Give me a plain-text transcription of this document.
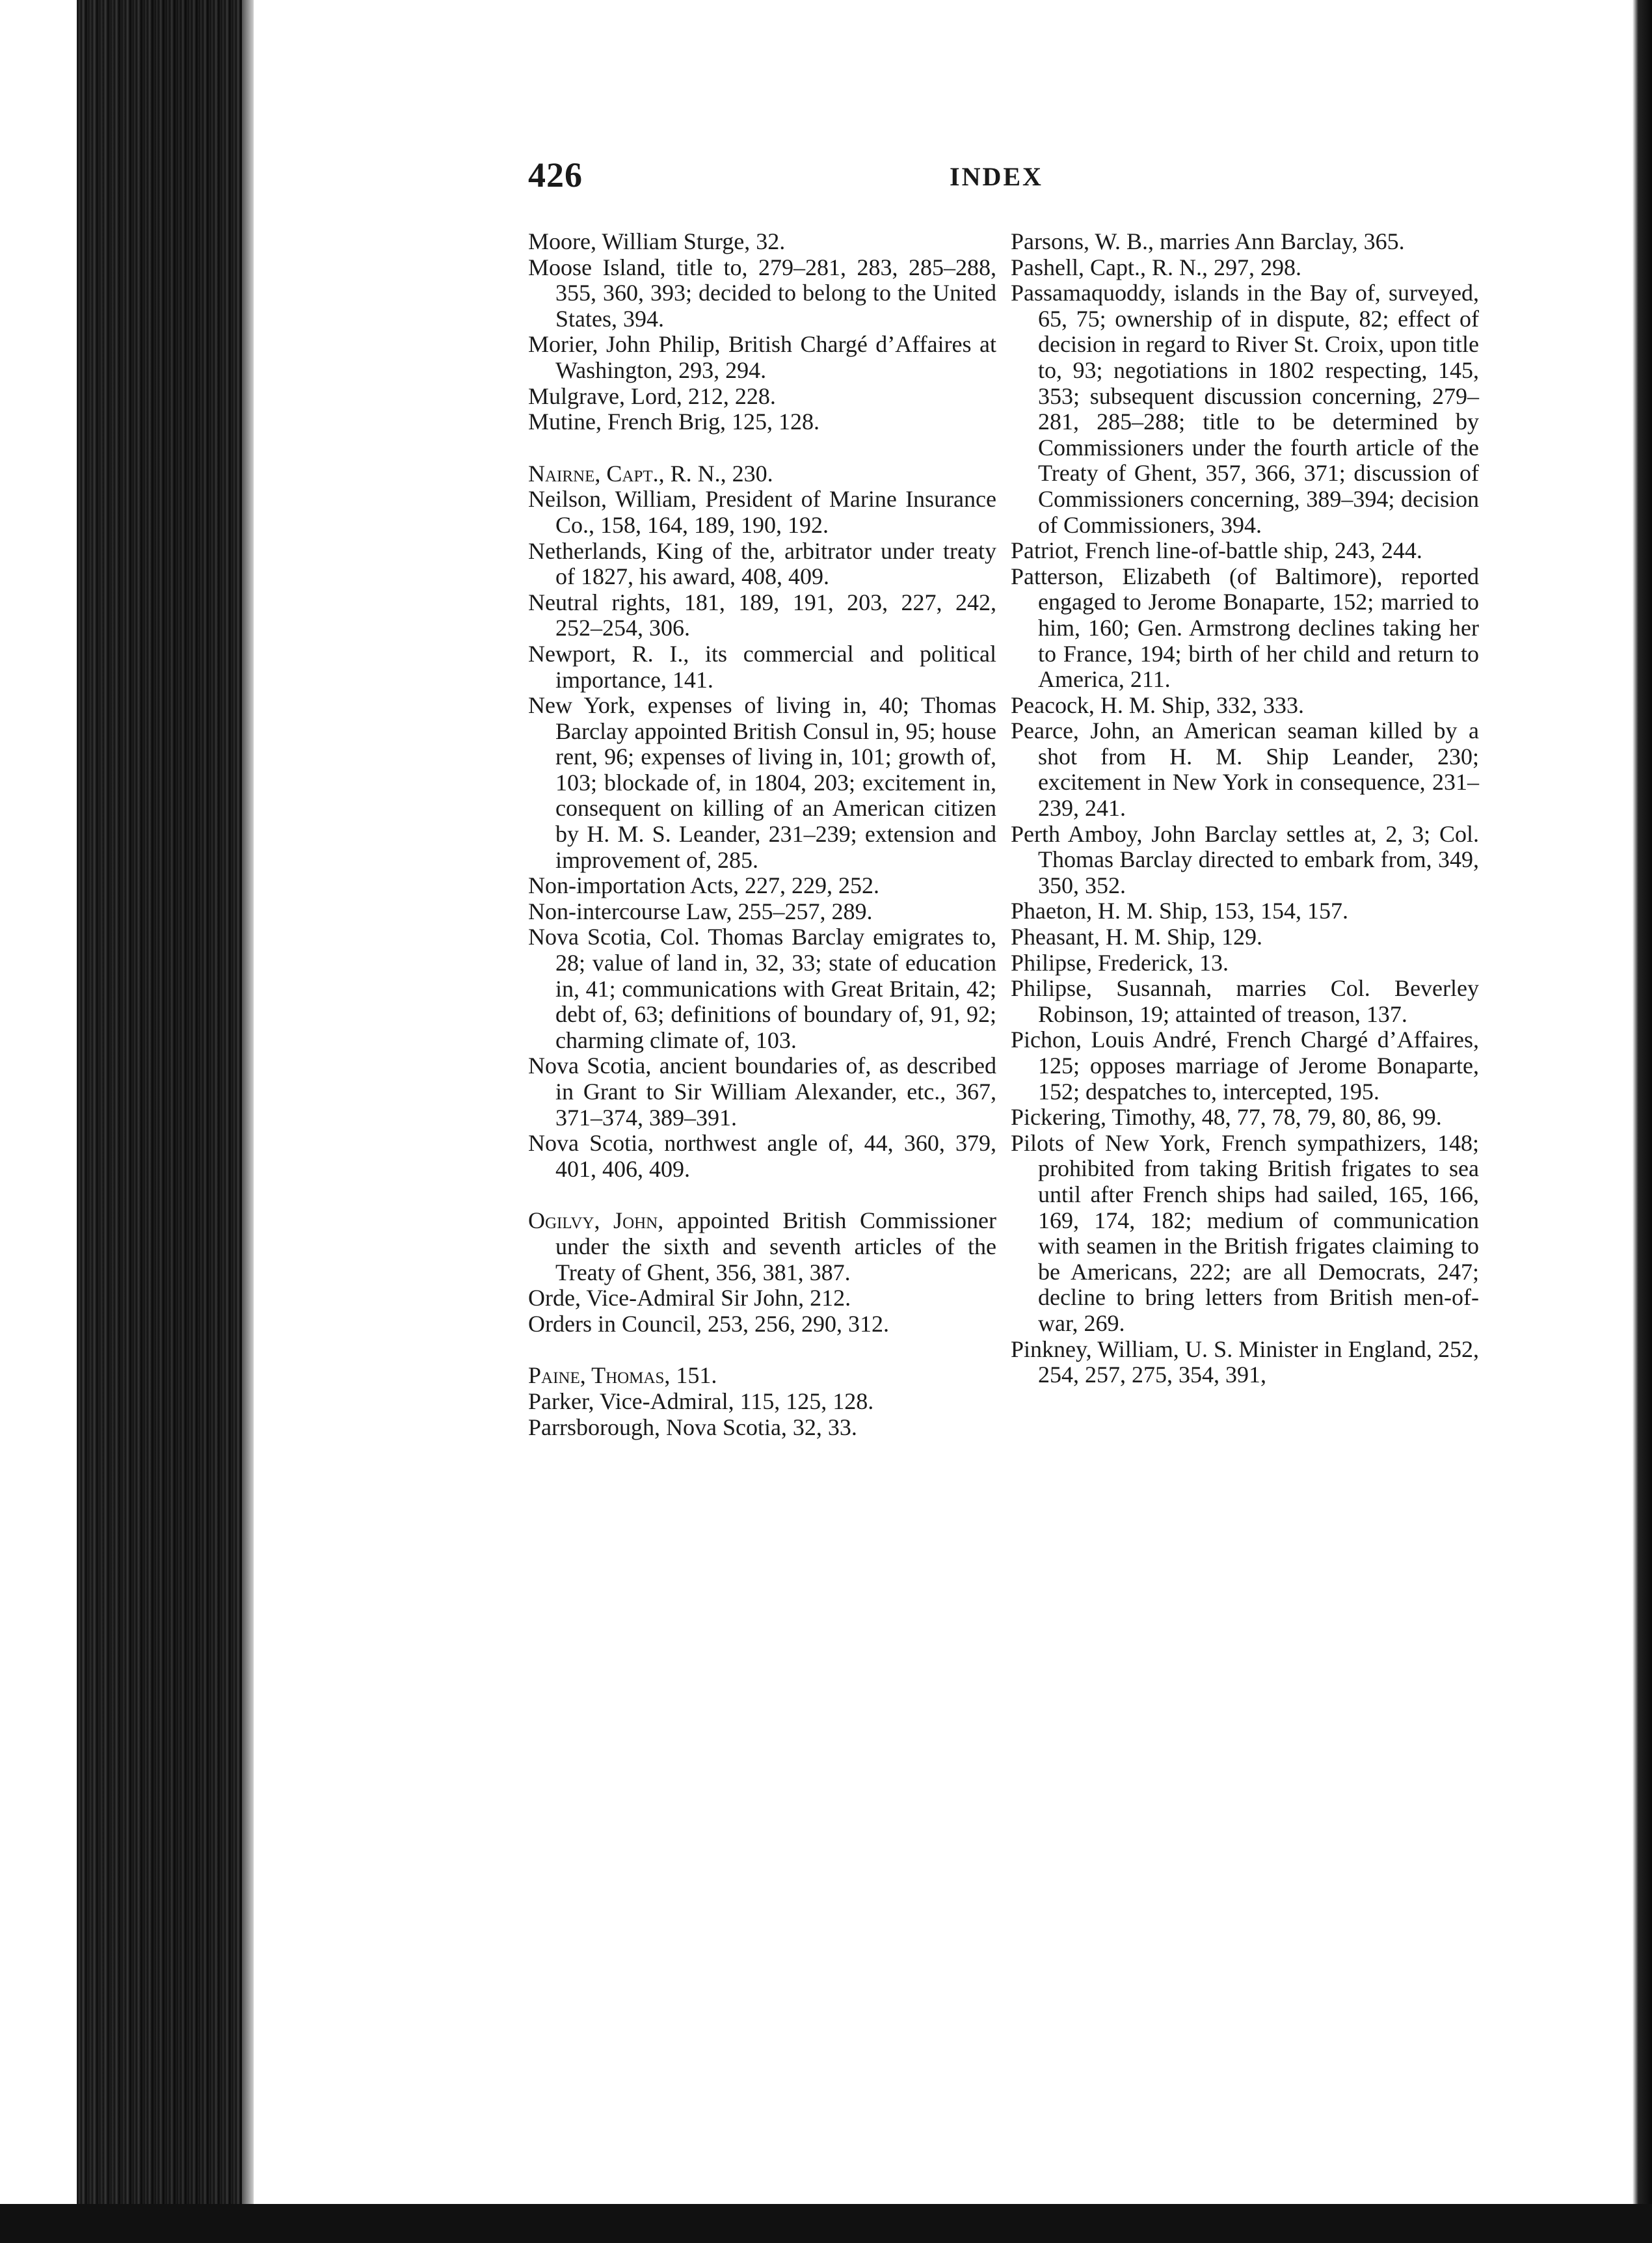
426	INDEX

Moore, William Sturge, 32.

Moose Island, title to, 279–281, 283, 285–288, 355, 360, 393; decided to belong to the United States, 394.

Morier, John Philip, British Chargé d’Affaires at Washington, 293, 294.

Mulgrave, Lord, 212, 228.

Mutine, French Brig, 125, 128.

Nairne, Capt., R. N., 230.

Neilson, William, President of Marine Insurance Co., 158, 164, 189, 190, 192.

Netherlands, King of the, arbitrator under treaty of 1827, his award, 408, 409.

Neutral rights, 181, 189, 191, 203, 227, 242, 252–254, 306.

Newport, R. I., its commercial and political importance, 141.

New York, expenses of living in, 40; Thomas Barclay appointed British Consul in, 95; house rent, 96; expenses of living in, 101; growth of, 103; blockade of, in 1804, 203; excitement in, consequent on killing of an American citizen by H. M. S. Leander, 231–239; extension and improvement of, 285.

Non-importation Acts, 227, 229, 252.

Non-intercourse Law, 255–257, 289.

Nova Scotia, Col. Thomas Barclay emigrates to, 28; value of land in, 32, 33; state of education in, 41; communications with Great Britain, 42; debt of, 63; definitions of boundary of, 91, 92; charming climate of, 103.

Nova Scotia, ancient boundaries of, as described in Grant to Sir William Alexander, etc., 367, 371–374, 389–391.

Nova Scotia, northwest angle of, 44, 360, 379, 401, 406, 409.

Ogilvy, John, appointed British Commissioner under the sixth and seventh articles of the Treaty of Ghent, 356, 381, 387.

Orde, Vice-Admiral Sir John, 212.

Orders in Council, 253, 256, 290, 312.

Paine, Thomas, 151.

Parker, Vice-Admiral, 115, 125, 128.

Parrsborough, Nova Scotia, 32, 33.

Parsons, W. B., marries Ann Barclay, 365.

Pashell, Capt., R. N., 297, 298.

Passamaquoddy, islands in the Bay of, surveyed, 65, 75; ownership of in dispute, 82; effect of decision in regard to River St. Croix, upon title to, 93; negotiations in 1802 respecting, 145, 353; subsequent discussion concerning, 279–281, 285–288; title to be determined by Commissioners under the fourth article of the Treaty of Ghent, 357, 366, 371; discussion of Commissioners concerning, 389–394; decision of Commissioners, 394.

Patriot, French line-of-battle ship, 243, 244.

Patterson, Elizabeth (of Baltimore), reported engaged to Jerome Bonaparte, 152; married to him, 160; Gen. Armstrong declines taking her to France, 194; birth of her child and return to America, 211.

Peacock, H. M. Ship, 332, 333.

Pearce, John, an American seaman killed by a shot from H. M. Ship Leander, 230; excitement in New York in consequence, 231–239, 241.

Perth Amboy, John Barclay settles at, 2, 3; Col. Thomas Barclay directed to embark from, 349, 350, 352.

Phaeton, H. M. Ship, 153, 154, 157.

Pheasant, H. M. Ship, 129.

Philipse, Frederick, 13.

Philipse, Susannah, marries Col. Beverley Robinson, 19; attainted of treason, 137.

Pichon, Louis André, French Chargé d’Affaires, 125; opposes marriage of Jerome Bonaparte, 152; despatches to, intercepted, 195.

Pickering, Timothy, 48, 77, 78, 79, 80, 86, 99.

Pilots of New York, French sympathizers, 148; prohibited from taking British frigates to sea until after French ships had sailed, 165, 166, 169, 174, 182; medium of communication with seamen in the British frigates claiming to be Americans, 222; are all Democrats, 247; decline to bring letters from British men-of-war, 269.

Pinkney, William, U. S. Minister in England, 252, 254, 257, 275, 354, 391,
